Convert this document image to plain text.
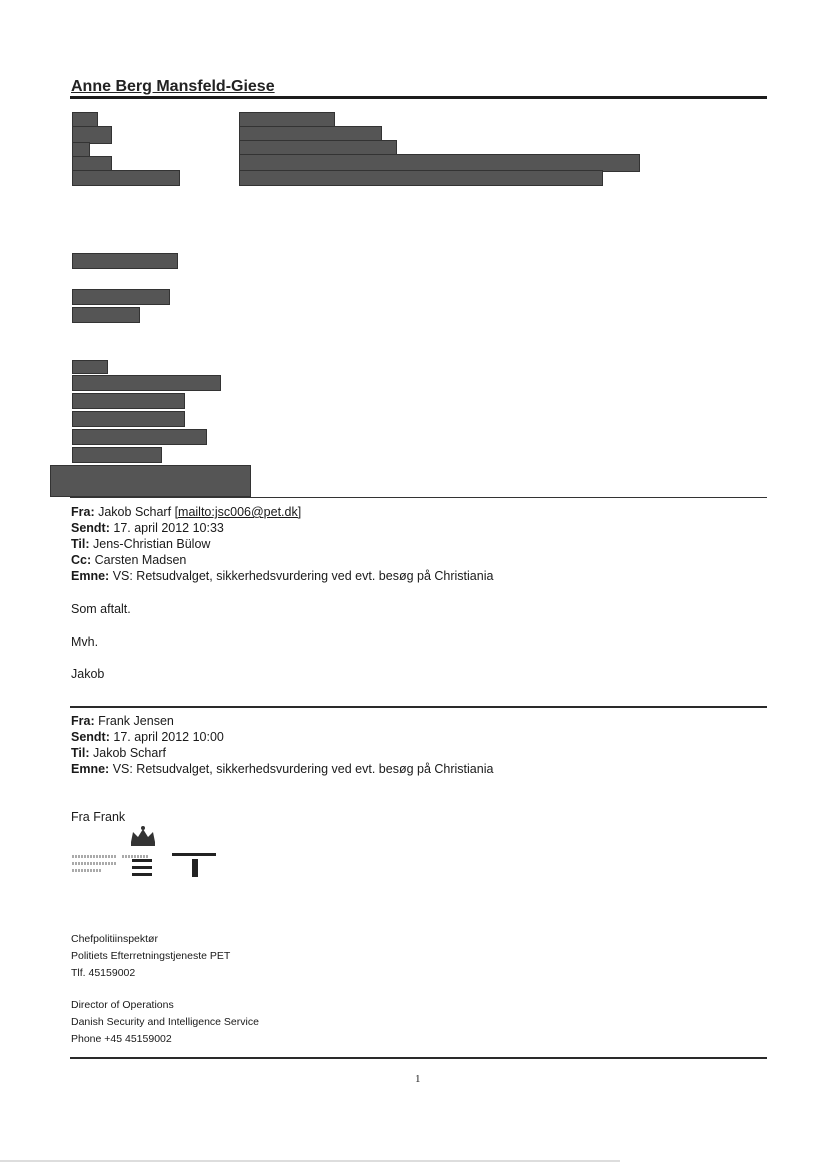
Anne Berg Mansfeld-Giese
Fra: Jakob Scharf [mailto:jsc006@pet.dk]
Sendt: 17. april 2012 10:33
Til: Jens-Christian Bülow
Cc: Carsten Madsen
Emne: VS: Retsudvalget, sikkerhedsvurdering ved evt. besøg på Christiania
Som aftalt.
Mvh.
Jakob
Fra: Frank Jensen
Sendt: 17. april 2012 10:00
Til: Jakob Scharf
Emne: VS: Retsudvalget, sikkerhedsvurdering ved evt. besøg på Christiania
Fra Frank
Chefpolitiinspektør
Politiets Efterretningstjeneste PET
Tlf. 45159002
Director of Operations
Danish Security and Intelligence Service
Phone +45 45159002
1
